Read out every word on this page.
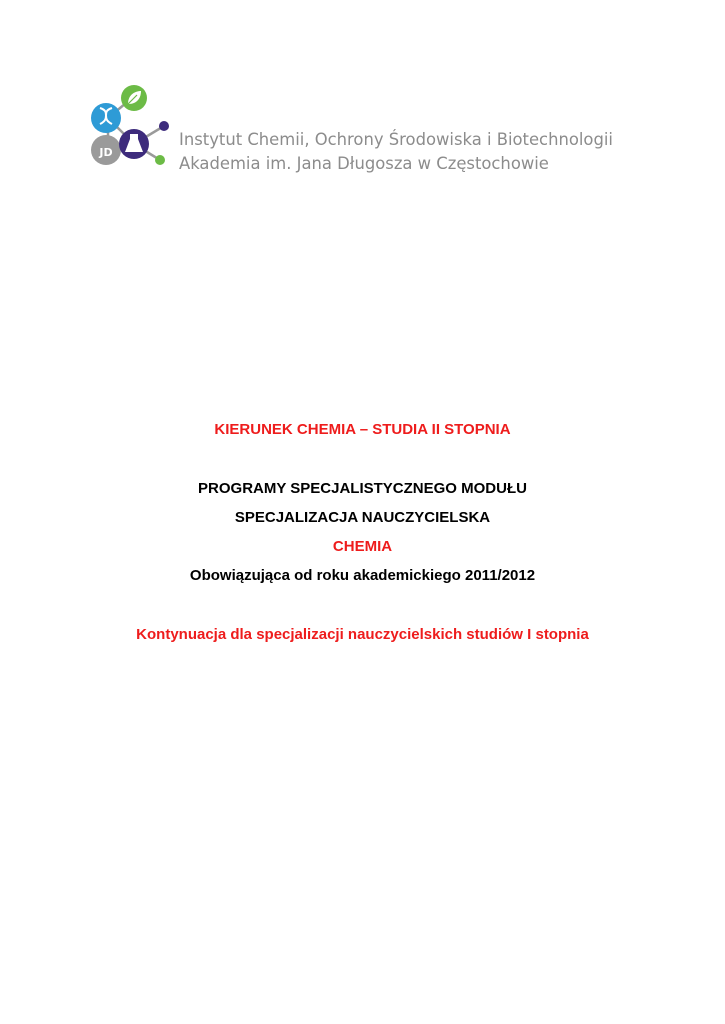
JD
Instytut Chemii, Ochrony Środowiska i Biotechnologii
Akademia im. Jana Długosza w Częstochowie
KIERUNEK CHEMIA – STUDIA II STOPNIA
PROGRAMY SPECJALISTYCZNEGO MODUŁU
SPECJALIZACJA NAUCZYCIELSKA
CHEMIA
Obowiązująca od roku akademickiego 2011/2012
Kontynuacja dla specjalizacji nauczycielskich studiów I stopnia
